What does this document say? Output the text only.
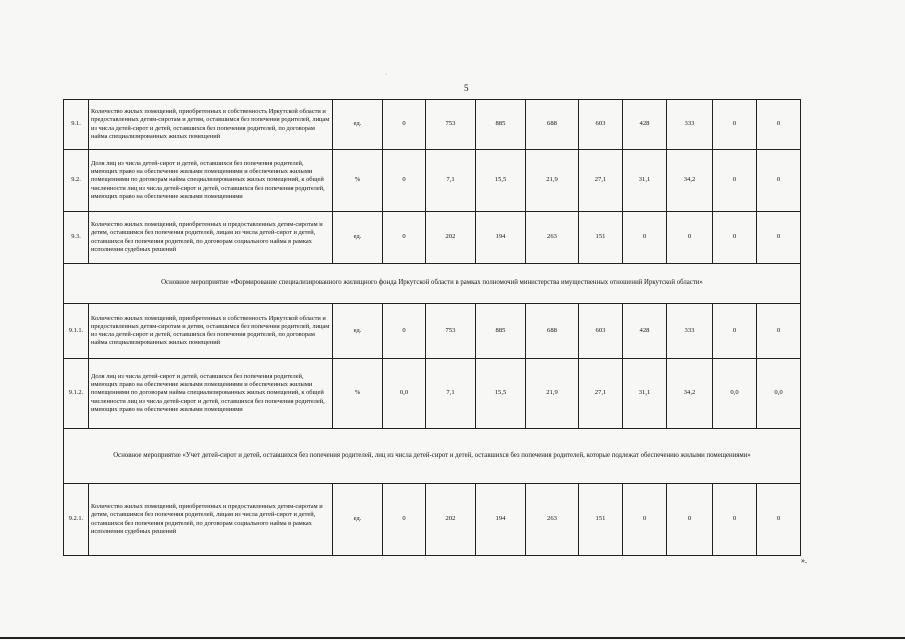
·
5
9.1.	Количество жилых помещений, приобретенных в собственность Иркутской области и предоставленных детям-сиротам и детям, оставшимся без попечения родителей, лицам из числа детей-сирот и детей, оставшихся без попечения родителей, по договорам найма специализированных жилых помещений	ед.	0	753	885	688	603	428	333	0	0
9.2.	Доля лиц из числа детей-сирот и детей, оставшихся без попечения родителей, имеющих право на обеспечение жилыми помещениями и обеспеченных жилыми помещениями по договорам найма специализированных жилых помещений, к общей численности лиц из числа детей-сирот и детей, оставшихся без попечения родителей, имеющих право на обеспечение жилыми помещениями	%	0	7,1	15,5	21,9	27,1	31,1	34,2	0	0
9.3.	Количество жилых помещений, приобретенных и предоставленных детям-сиротам и детям, оставшимся без попечения родителей, лицам из числа детей-сирот и детей, оставшихся без попечения родителей, по договорам социального найма в рамках исполнения судебных решений	ед.	0	202	194	263	151	0	0	0	0
Основное мероприятие «Формирование специализированного жилищного фонда Иркутской области в рамках полномочий министерства имущественных отношений Иркутской области»											
9.1.1.	Количество жилых помещений, приобретенных в собственность Иркутской области и предоставленных детям-сиротам и детям, оставшимся без попечения родителей, лицам из числа детей-сирот и детей, оставшихся без попечения родителей, по договорам найма специализированных жилых помещений	ед.	0	753	885	688	603	428	333	0	0
9.1.2.	Доля лиц из числа детей-сирот и детей, оставшихся без попечения родителей, имеющих право на обеспечение жилыми помещениями и обеспеченных жилыми помещениями по договорам найма специализированных жилых помещений, к общей численности лиц из числа детей-сирот и детей, оставшихся без попечения родителей, имеющих право на обеспечение жилыми помещениями	%	0,0	7,1	15,5	21,9	27,1	31,1	34,2	0,0	0,0
Основное мероприятие «Учет детей-сирот и детей, оставшихся без попечения родителей, лиц из числа детей-сирот и детей, оставшихся без попечения родителей, которые подлежат обеспечению жилыми помещениями»											
9.2.1.	Количество жилых помещений, приобретенных и предоставленных детям-сиротам и детям, оставшимся без попечения родителей, лицам из числа детей-сирот и детей, оставшихся без попечения родителей, по договорам социального найма в рамках исполнения судебных решений	ед.	0	202	194	263	151	0	0	0	0
».
